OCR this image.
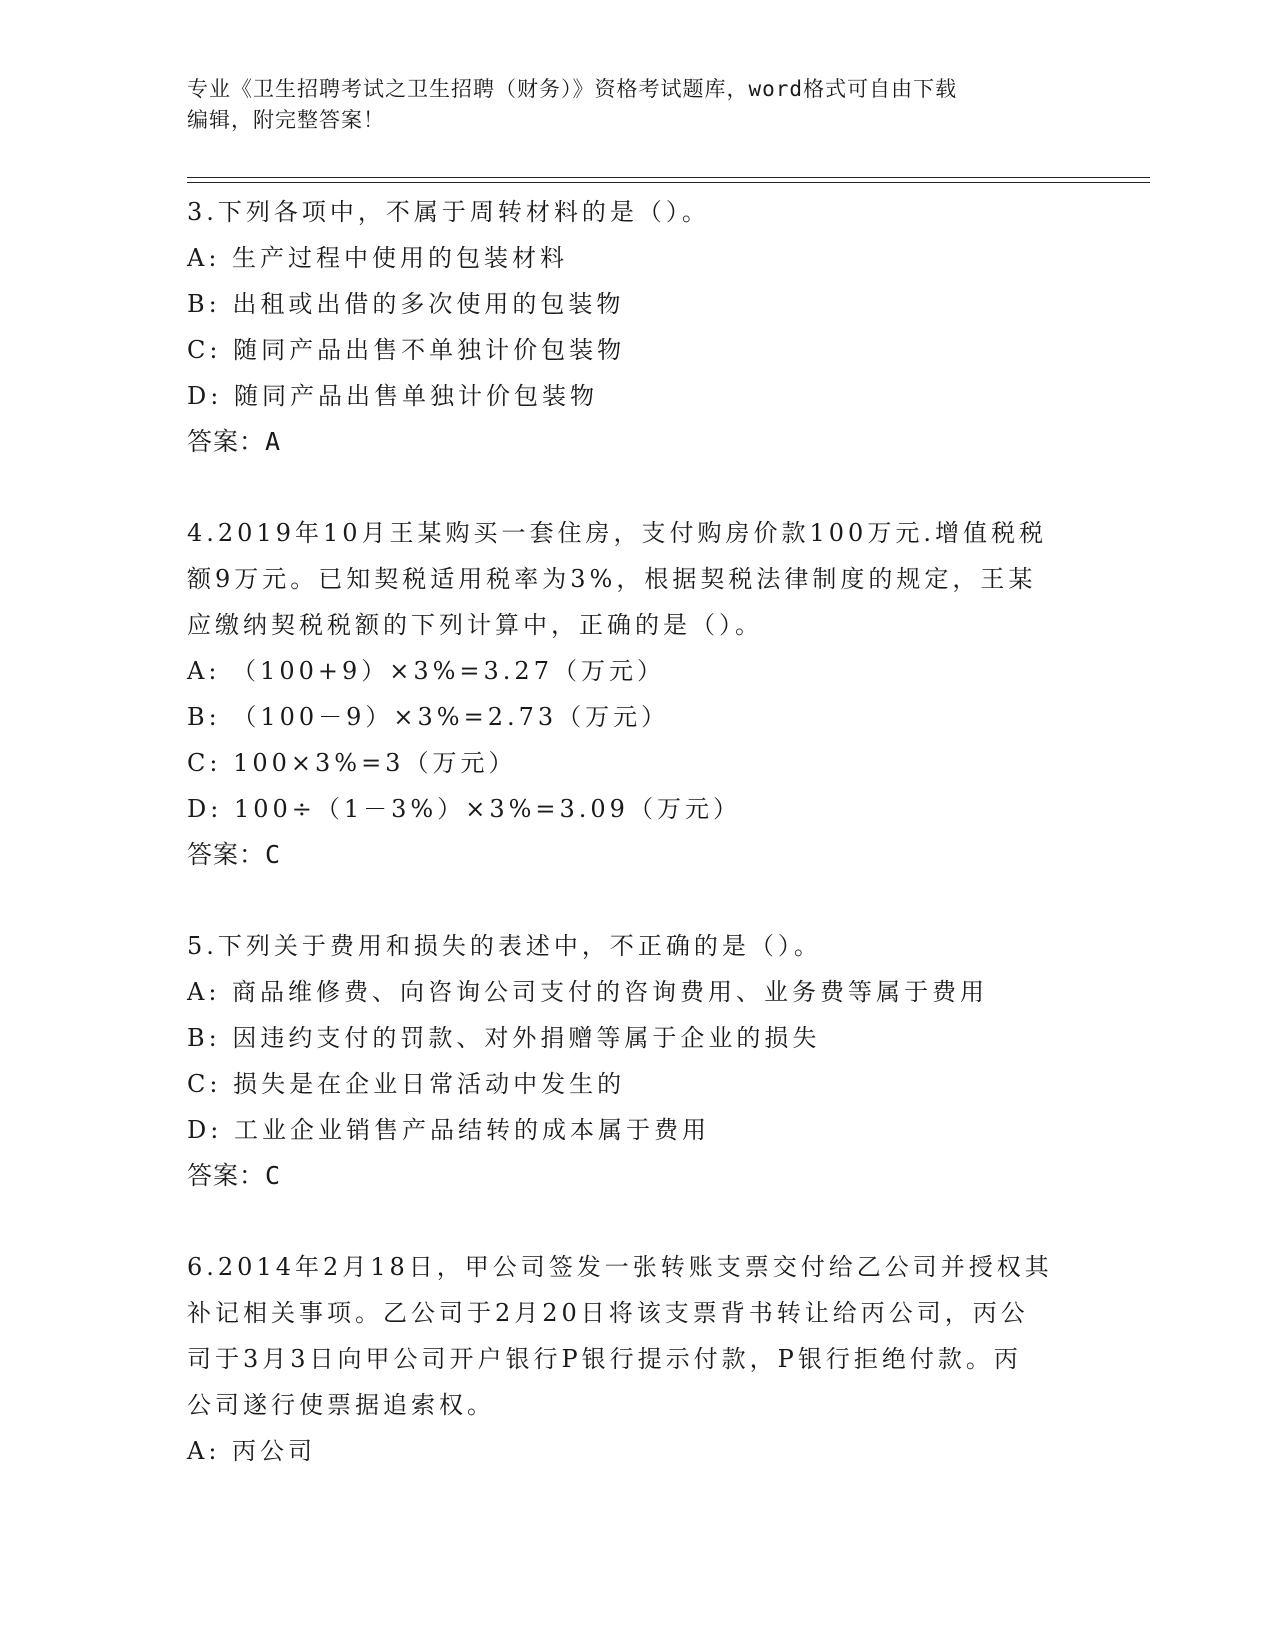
专业《卫生招聘考试之卫生招聘（财务）》资格考试题库，word格式可自由下载
编辑，附完整答案！
3.下列各项中，不属于周转材料的是（）。
A: 生产过程中使用的包装材料
B: 出租或出借的多次使用的包装物
C: 随同产品出售不单独计价包装物
D: 随同产品出售单独计价包装物
答案：A
4.2019年10月王某购买一套住房，支付购房价款100万元.增值税税
额9万元。已知契税适用税率为3%，根据契税法律制度的规定，王某
应缴纳契税税额的下列计算中，正确的是（）。
A: （100+9）×3%=3.27（万元）
B: （100－9）×3%=2.73（万元）
C: 100×3%=3（万元）
D: 100÷（1－3%）×3%=3.09（万元）
答案：C
5.下列关于费用和损失的表述中，不正确的是（）。
A: 商品维修费、向咨询公司支付的咨询费用、业务费等属于费用
B: 因违约支付的罚款、对外捐赠等属于企业的损失
C: 损失是在企业日常活动中发生的
D: 工业企业销售产品结转的成本属于费用
答案：C
6.2014年2月18日，甲公司签发一张转账支票交付给乙公司并授权其
补记相关事项。乙公司于2月20日将该支票背书转让给丙公司，丙公
司于3月3日向甲公司开户银行P银行提示付款，P银行拒绝付款。丙
公司遂行使票据追索权。
A: 丙公司
